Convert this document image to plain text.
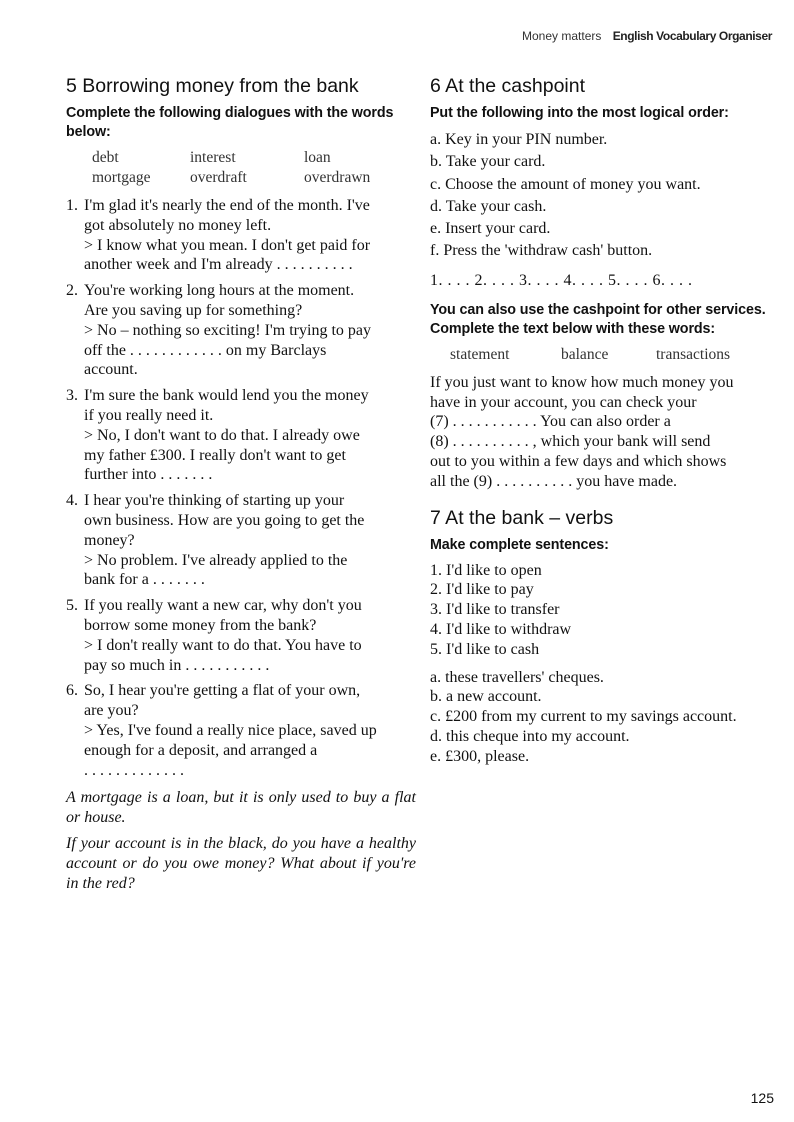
Money matters English Vocabulary Organiser
5 Borrowing money from the bank
Complete the following dialogues with the words below:
debt	interest	loan
mortgage	overdraft	overdrawn
1. I'm glad it's nearly the end of the month. I've
got absolutely no money left.
> I know what you mean. I don't get paid for
another week and I'm already . . . . . . . . . .
2. You're working long hours at the moment.
Are you saving up for something?
> No – nothing so exciting! I'm trying to pay
off the . . . . . . . . . . . . on my Barclays
account.
3. I'm sure the bank would lend you the money
if you really need it.
> No, I don't want to do that. I already owe
my father £300. I really don't want to get
further into . . . . . . .
4. I hear you're thinking of starting up your
own business. How are you going to get the
money?
> No problem. I've already applied to the
bank for a . . . . . . .
5. If you really want a new car, why don't you
borrow some money from the bank?
> I don't really want to do that. You have to
pay so much in . . . . . . . . . . .
6. So, I hear you're getting a flat of your own,
are you?
> Yes, I've found a really nice place, saved up
enough for a deposit, and arranged a
. . . . . . . . . . . . .

A mortgage is a loan, but it is only used to buy a flat or house.

If your account is in the black, do you have a healthy account or do you owe money? What about if you're in the red?

6 At the cashpoint
Put the following into the most logical order:
a. Key in your PIN number.
b. Take your card.
c. Choose the amount of money you want.
d. Take your cash.
e. Insert your card.
f. Press the 'withdraw cash' button.
1. . . . 2. . . . 3. . . . 4. . . . 5. . . . 6. . . .
You can also use the cashpoint for other services. Complete the text below with these words:
statement	balance	transactions
If you just want to know how much money you
have in your account, you can check your
(7) . . . . . . . . . . . You can also order a
(8) . . . . . . . . . . , which your bank will send
out to you within a few days and which shows
all the (9) . . . . . . . . . . you have made.
7 At the bank – verbs
Make complete sentences:
1. I'd like to open
2. I'd like to pay
3. I'd like to transfer
4. I'd like to withdraw
5. I'd like to cash
a. these travellers' cheques.
b. a new account.
c. £200 from my current to my savings account.
d. this cheque into my account.
e. £300, please.
125
